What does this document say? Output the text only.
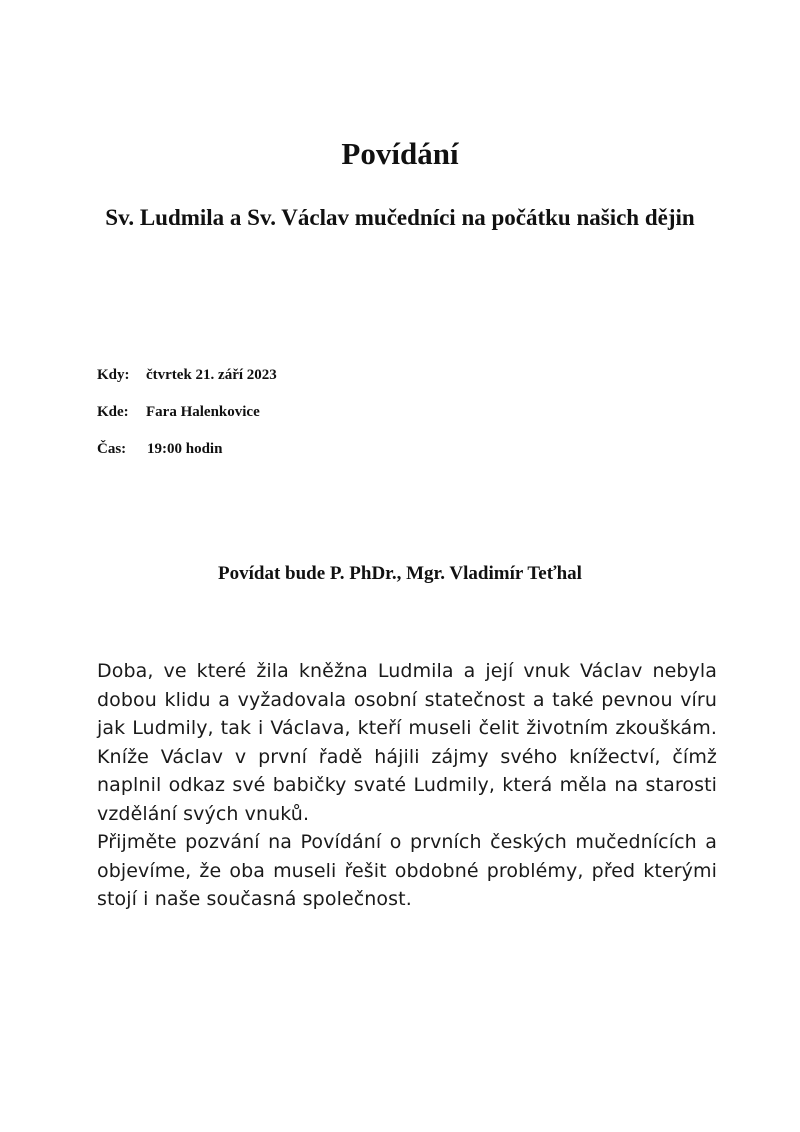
Povídání
Sv. Ludmila a Sv. Václav mučedníci na počátku našich dějin
Kdy: čtvrtek 21. září 2023
Kde: Fara Halenkovice
Čas: 19:00 hodin
Povídat bude P. PhDr., Mgr. Vladimír Teťhal

Doba, ve které žila kněžna Ludmila a její vnuk Václav nebyla dobou klidu a vyžadovala osobní statečnost a také pevnou víru jak Ludmily, tak i Václava, kteří museli čelit životním zkouškám. Kníže Václav v první řadě hájili zájmy svého knížectví, čímž naplnil odkaz své babičky svaté Ludmily, která měla na starosti vzdělání svých vnuků.

Přijměte pozvání na Povídání o prvních českých mučednících a objevíme, že oba museli řešit obdobné problémy, před kterými stojí i naše současná společnost.
